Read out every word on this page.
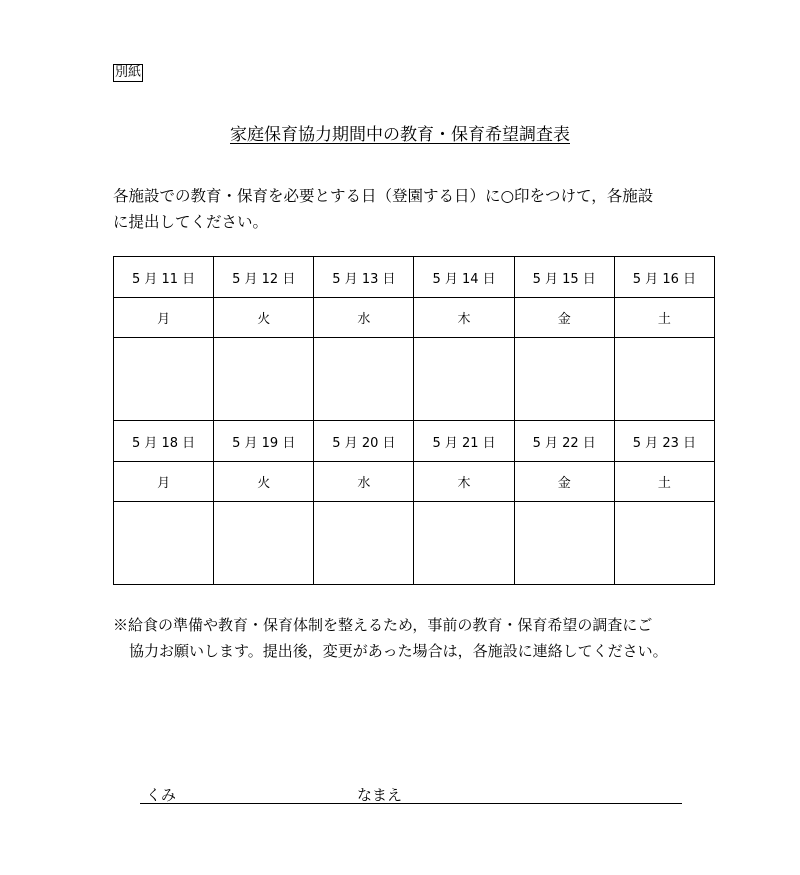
別紙
家庭保育協力期間中の教育・保育希望調査表
各施設での教育・保育を必要とする日（登園する日）に○印をつけて，各施設
に提出してください。
5 月 11 日	5 月 12 日	5 月 13 日	5 月 14 日	5 月 15 日	5 月 16 日
月	火	水	木	金	土

5 月 18 日	5 月 19 日	5 月 20 日	5 月 21 日	5 月 22 日	5 月 23 日
月	火	水	木	金	土

※給食の準備や教育・保育体制を整えるため，事前の教育・保育希望の調査にご
協力お願いします。提出後，変更があった場合は，各施設に連絡してください。
くみ	なまえ
